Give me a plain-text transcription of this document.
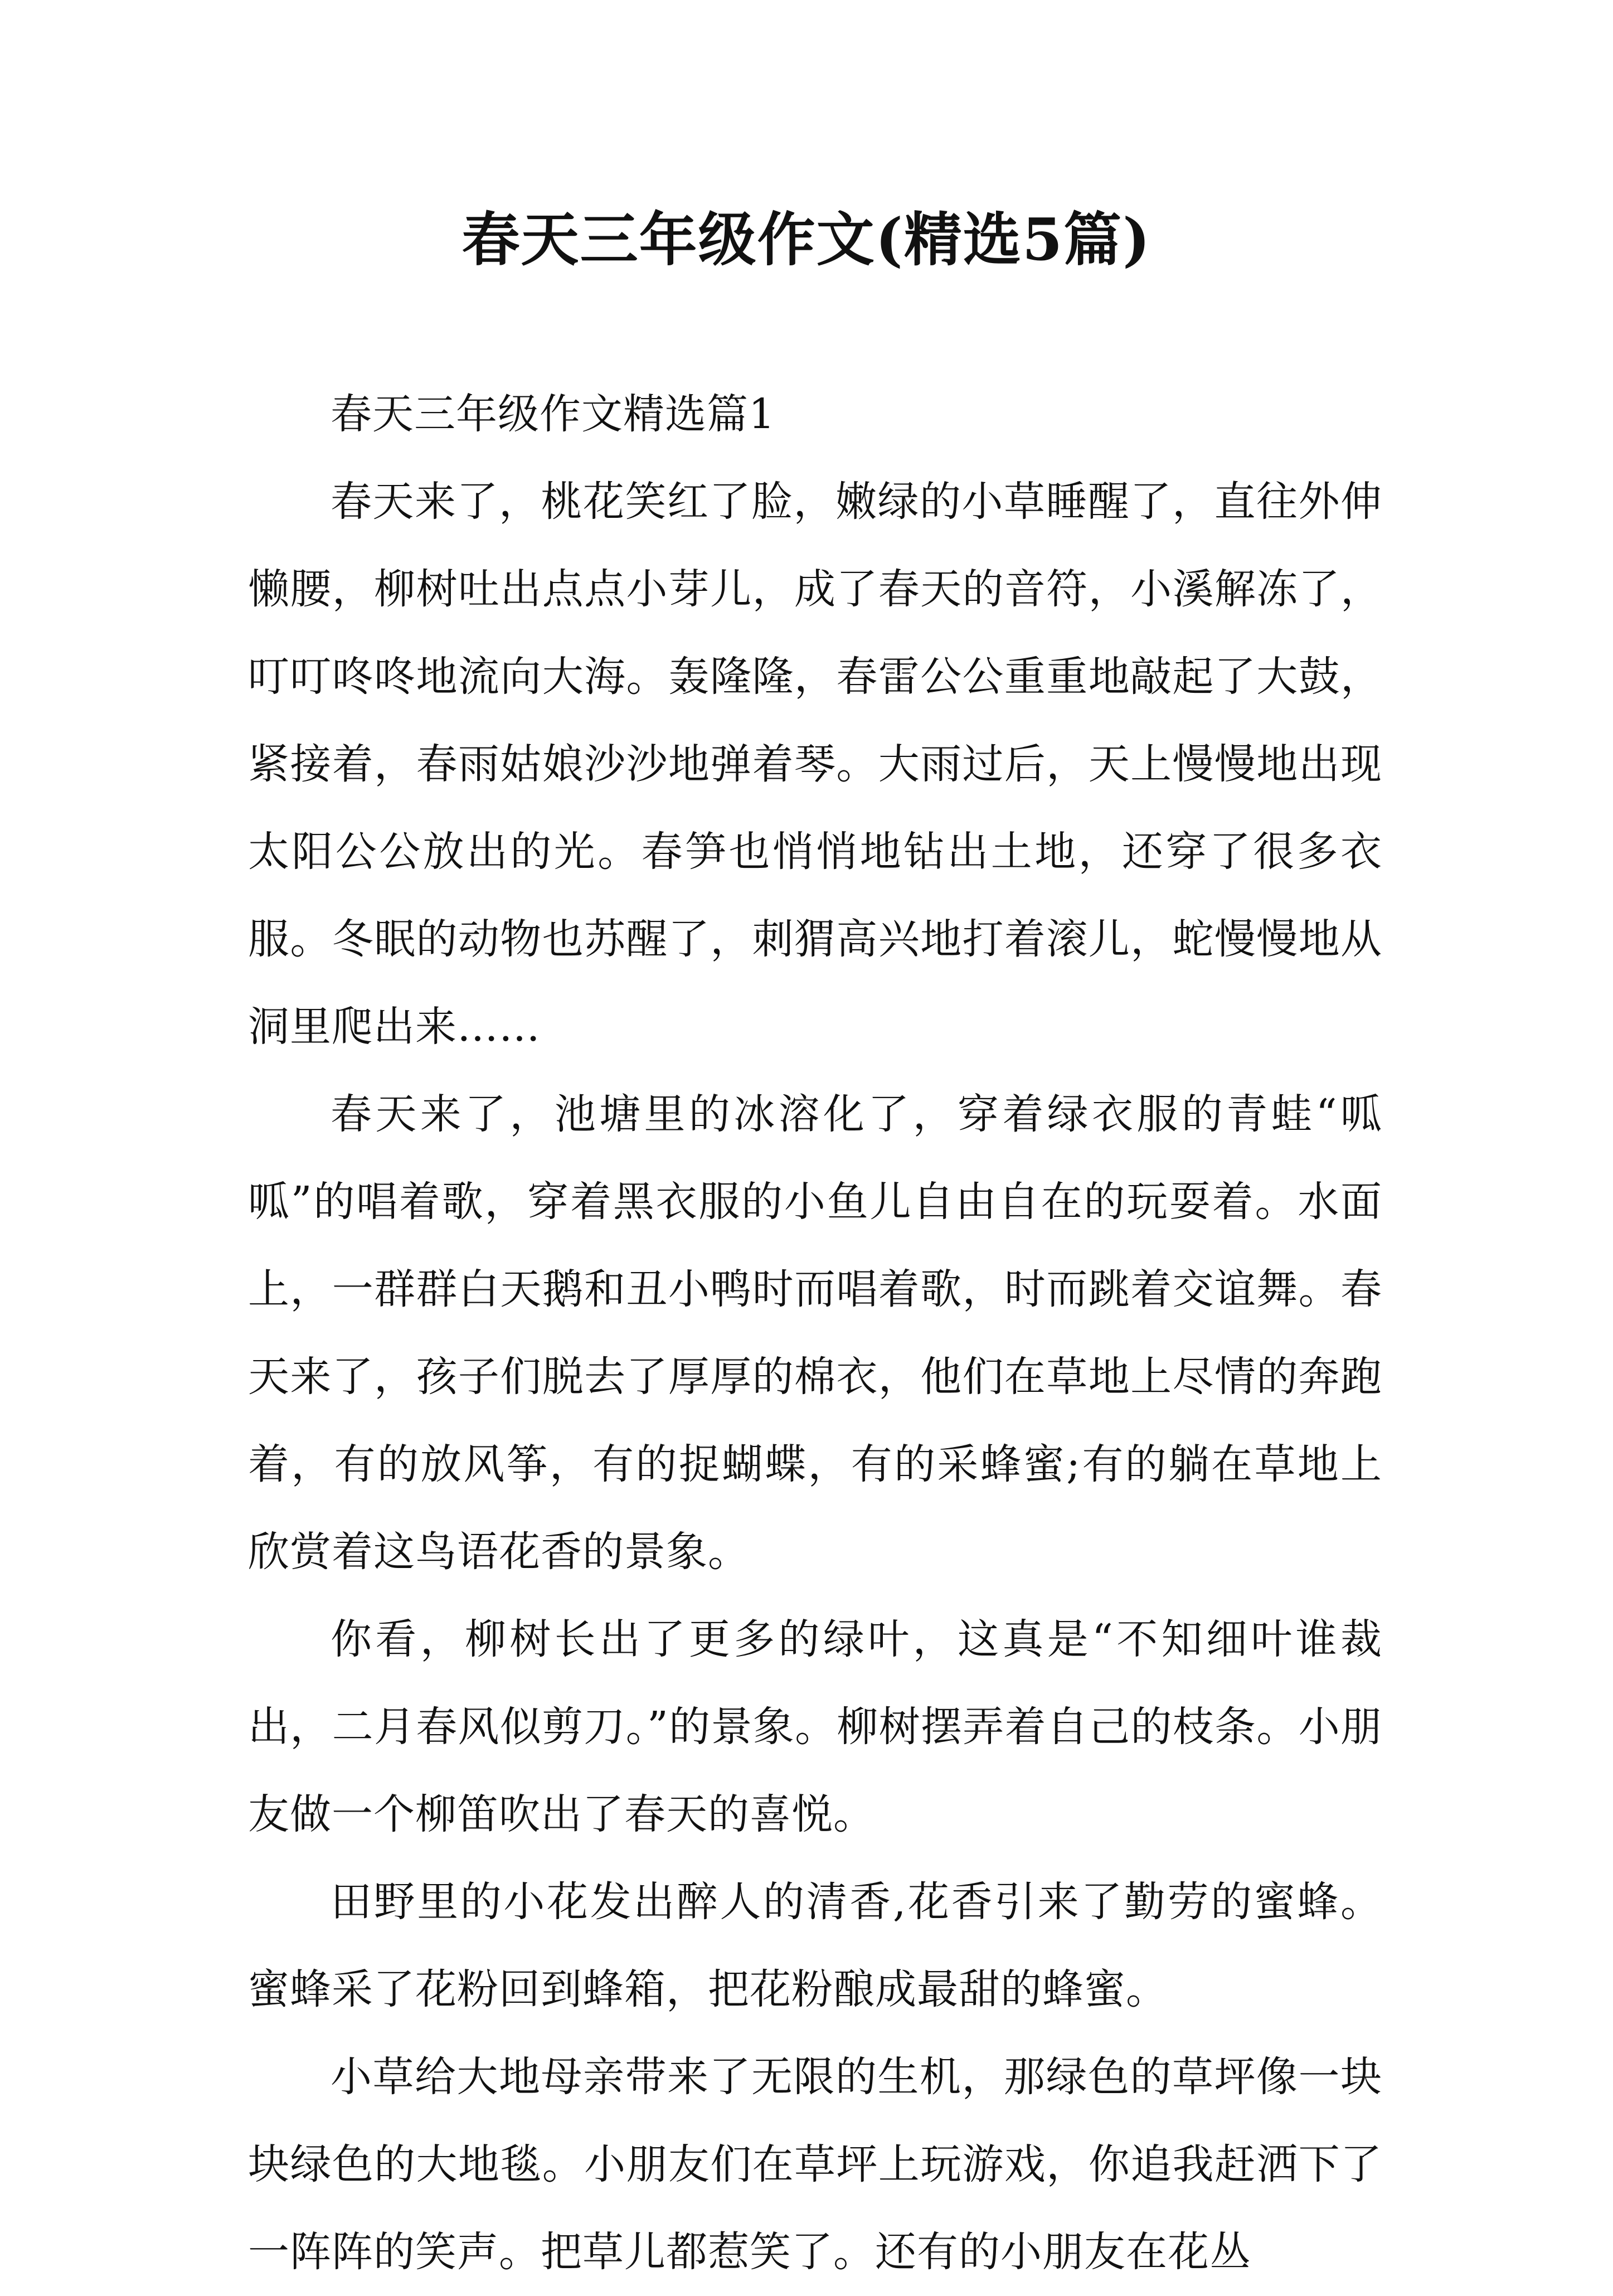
春天三年级作文(精选5篇)

春天三年级作文精选篇1

春天来了，桃花笑红了脸，嫩绿的小草睡醒了，直往外伸懒腰，柳树吐出点点小芽儿，成了春天的音符，小溪解冻了，叮叮咚咚地流向大海。轰隆隆，春雷公公重重地敲起了大鼓，紧接着，春雨姑娘沙沙地弹着琴。大雨过后，天上慢慢地出现太阳公公放出的光。春笋也悄悄地钻出土地，还穿了很多衣服。冬眠的动物也苏醒了，刺猬高兴地打着滚儿，蛇慢慢地从洞里爬出来……

春天来了，池塘里的冰溶化了，穿着绿衣服的青蛙“呱呱”的唱着歌，穿着黑衣服的小鱼儿自由自在的玩耍着。水面上，一群群白天鹅和丑小鸭时而唱着歌，时而跳着交谊舞。春天来了，孩子们脱去了厚厚的棉衣，他们在草地上尽情的奔跑着，有的放风筝，有的捉蝴蝶，有的采蜂蜜;有的躺在草地上欣赏着这鸟语花香的景象。

你看，柳树长出了更多的绿叶，这真是“不知细叶谁裁出，二月春风似剪刀。”的景象。柳树摆弄着自己的枝条。小朋友做一个柳笛吹出了春天的喜悦。

田野里的小花发出醉人的清香,花香引来了勤劳的蜜蜂。蜜蜂采了花粉回到蜂箱，把花粉酿成最甜的蜂蜜。

小草给大地母亲带来了无限的生机，那绿色的草坪像一块块绿色的大地毯。小朋友们在草坪上玩游戏，你追我赶洒下了一阵阵的笑声。把草儿都惹笑了。还有的小朋友在花丛
